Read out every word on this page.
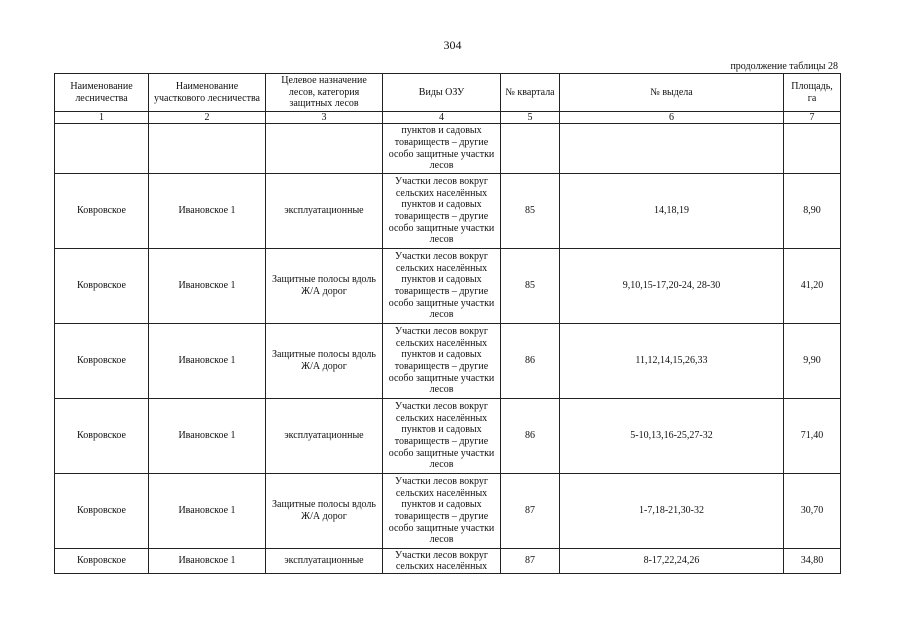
304
продолжение таблицы 28
Наименование лесничества	Наименование участкового лесничества	Целевое назначение лесов, категория защитных лесов	Виды ОЗУ	№ квартала	№ выдела	Площадь, га
1	2	3	4	5	6	7
			пунктов и садовых товариществ – другие особо защитные участки лесов			
Ковровское	Ивановское 1	эксплуатационные	Участки лесов вокруг сельских населённых пунктов и садовых товариществ – другие особо защитные участки лесов	85	14,18,19	8,90
Ковровское	Ивановское 1	Защитные полосы вдоль Ж/А дорог	Участки лесов вокруг сельских населённых пунктов и садовых товариществ – другие особо защитные участки лесов	85	9,10,15-17,20-24, 28-30	41,20
Ковровское	Ивановское 1	Защитные полосы вдоль Ж/А дорог	Участки лесов вокруг сельских населённых пунктов и садовых товариществ – другие особо защитные участки лесов	86	11,12,14,15,26,33	9,90
Ковровское	Ивановское 1	эксплуатационные	Участки лесов вокруг сельских населённых пунктов и садовых товариществ – другие особо защитные участки лесов	86	5-10,13,16-25,27-32	71,40
Ковровское	Ивановское 1	Защитные полосы вдоль Ж/А дорог	Участки лесов вокруг сельских населённых пунктов и садовых товариществ – другие особо защитные участки лесов	87	1-7,18-21,30-32	30,70
Ковровское	Ивановское 1	эксплуатационные	Участки лесов вокруг сельских населённых	87	8-17,22,24,26	34,80
